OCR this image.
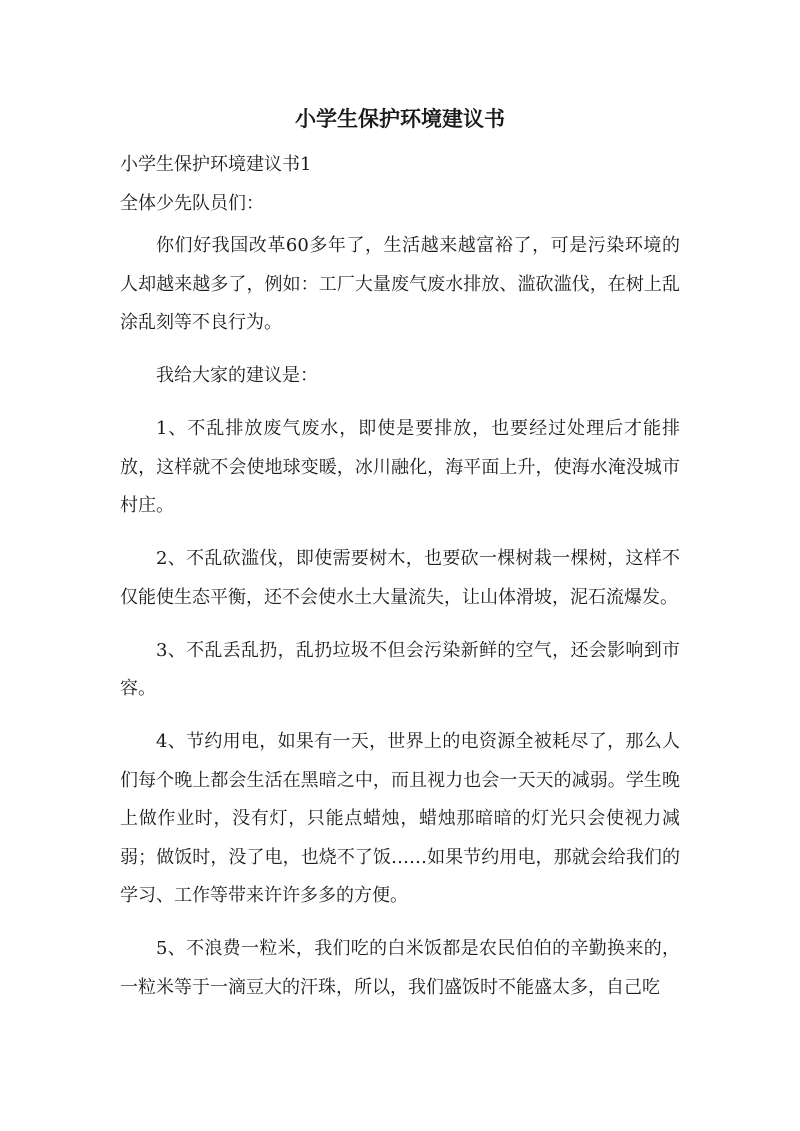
小学生保护环境建议书
小学生保护环境建议书1
全体少先队员们：

你们好我国改革60多年了，生活越来越富裕了，可是污染环境的人却越来越多了，例如：工厂大量废气废水排放、滥砍滥伐，在树上乱涂乱刻等不良行为。

我给大家的建议是：

1、不乱排放废气废水，即使是要排放，也要经过处理后才能排放，这样就不会使地球变暖，冰川融化，海平面上升，使海水淹没城市村庄。

2、不乱砍滥伐，即使需要树木，也要砍一棵树栽一棵树，这样不仅能使生态平衡，还不会使水土大量流失，让山体滑坡，泥石流爆发。

3、不乱丢乱扔，乱扔垃圾不但会污染新鲜的空气，还会影响到市容。

4、节约用电，如果有一天，世界上的电资源全被耗尽了，那么人们每个晚上都会生活在黑暗之中，而且视力也会一天天的减弱。学生晚上做作业时，没有灯，只能点蜡烛，蜡烛那暗暗的灯光只会使视力减弱；做饭时，没了电，也烧不了饭……如果节约用电，那就会给我们的学习、工作等带来许许多多的方便。

5、不浪费一粒米，我们吃的白米饭都是农民伯伯的辛勤换来的，一粒米等于一滴豆大的汗珠，所以，我们盛饭时不能盛太多，自己吃
